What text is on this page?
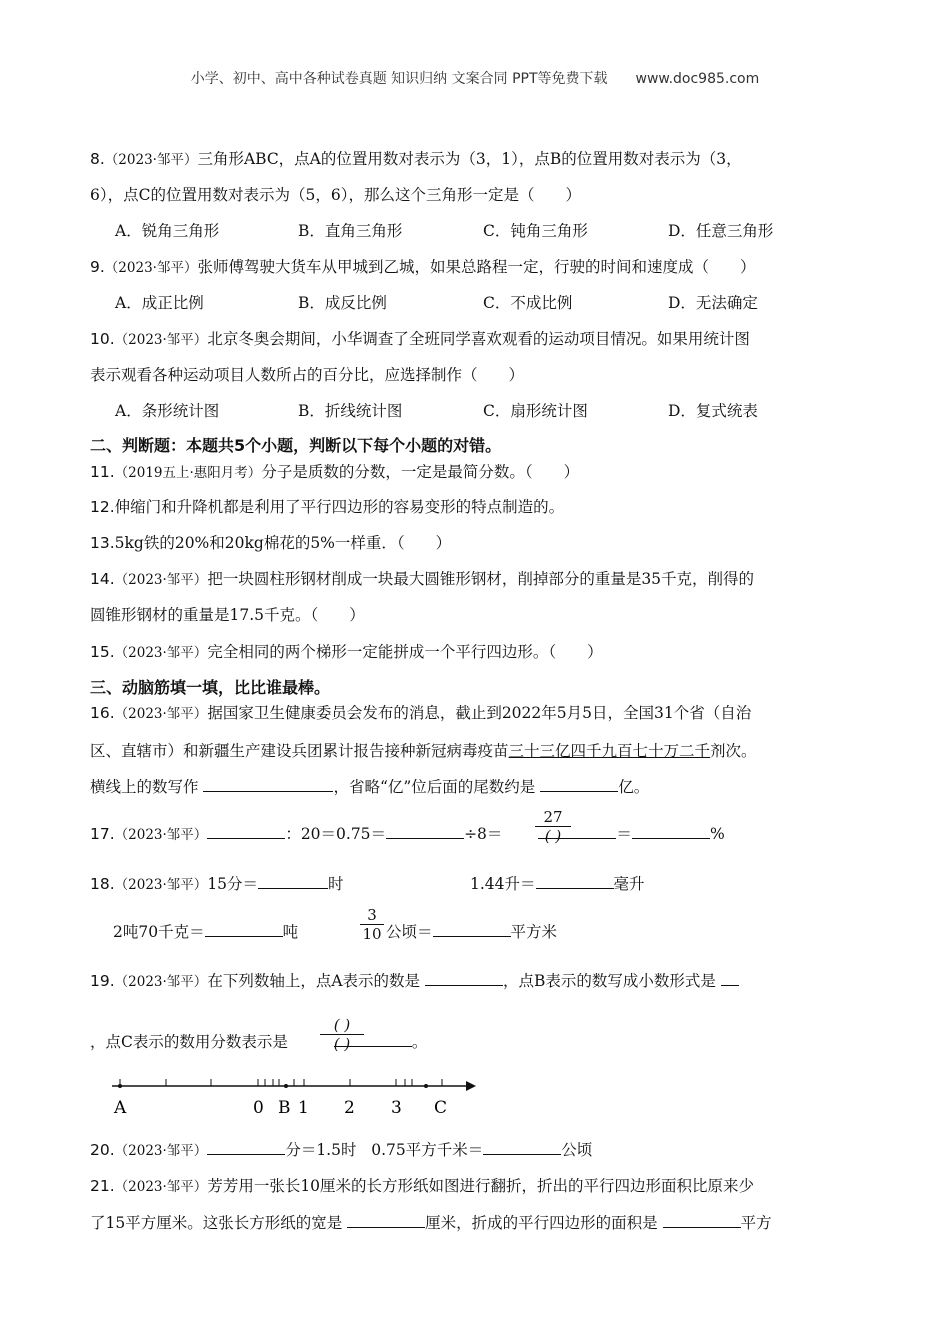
小学、初中、高中各种试卷真题 知识归纳 文案合同 PPT等免费下载 www.doc985.com
8.（2023·邹平）三角形ABC，点A的位置用数对表示为（3，1），点B的位置用数对表示为（3，
6），点C的位置用数对表示为（5，6），那么这个三角形一定是（　　）
A．锐角三角形	B．直角三角形	C．钝角三角形	D．任意三角形
9.（2023·邹平）张师傅驾驶大货车从甲城到乙城，如果总路程一定，行驶的时间和速度成（　　）
A．成正比例	B．成反比例	C．不成比例	D．无法确定
10.（2023·邹平）北京冬奥会期间，小华调查了全班同学喜欢观看的运动项目情况。如果用统计图
表示观看各种运动项目人数所占的百分比，应选择制作（　　）
A．条形统计图	B．折线统计图	C．扇形统计图	D．复式统表
二、判断题：本题共5个小题，判断以下每个小题的对错。
11.（2019五上·惠阳月考）分子是质数的分数，一定是最简分数。（　　）
12.伸缩门和升降机都是利用了平行四边形的容易变形的特点制造的。
13.5kg铁的20%和20kg棉花的5%一样重．（　　）
14.（2023·邹平）把一块圆柱形钢材削成一块最大圆锥形钢材，削掉部分的重量是35千克，削得的
圆锥形钢材的重量是17.5千克。（　　）
15.（2023·邹平）完全相同的两个梯形一定能拼成一个平行四边形。（　　）
三、动脑筋填一填，比比谁最棒。
16.（2023·邹平）据国家卫生健康委员会发布的消息，截止到2022年5月5日，全国31个省（自治
区、直辖市）和新疆生产建设兵团累计报告接种新冠病毒疫苗三十三亿四千九百七十万二千剂次。
横线上的数写作	，省略“亿”位后面的尾数约是	亿。
17.（2023·邹平）	：20＝0.75＝	÷8＝	＝	%
27
( )
18.（2023·邹平）15分＝	时	1.44升＝	毫升
2吨70千克＝	吨
3
10 公顷＝	平方米
19.（2023·邹平）在下列数轴上，点A表示的数是	，点B表示的数写成小数形式是
，点C表示的数用分数表示是	。
( )
( )
A	0 B 1 2 3 C
20.（2023·邹平）	分＝1.5时 0.75平方千米＝	公顷
21.（2023·邹平）芳芳用一张长10厘米的长方形纸如图进行翻折，折出的平行四边形面积比原来少
了15平方厘米。这张长方形纸的宽是	厘米，折成的平行四边形的面积是	平方
